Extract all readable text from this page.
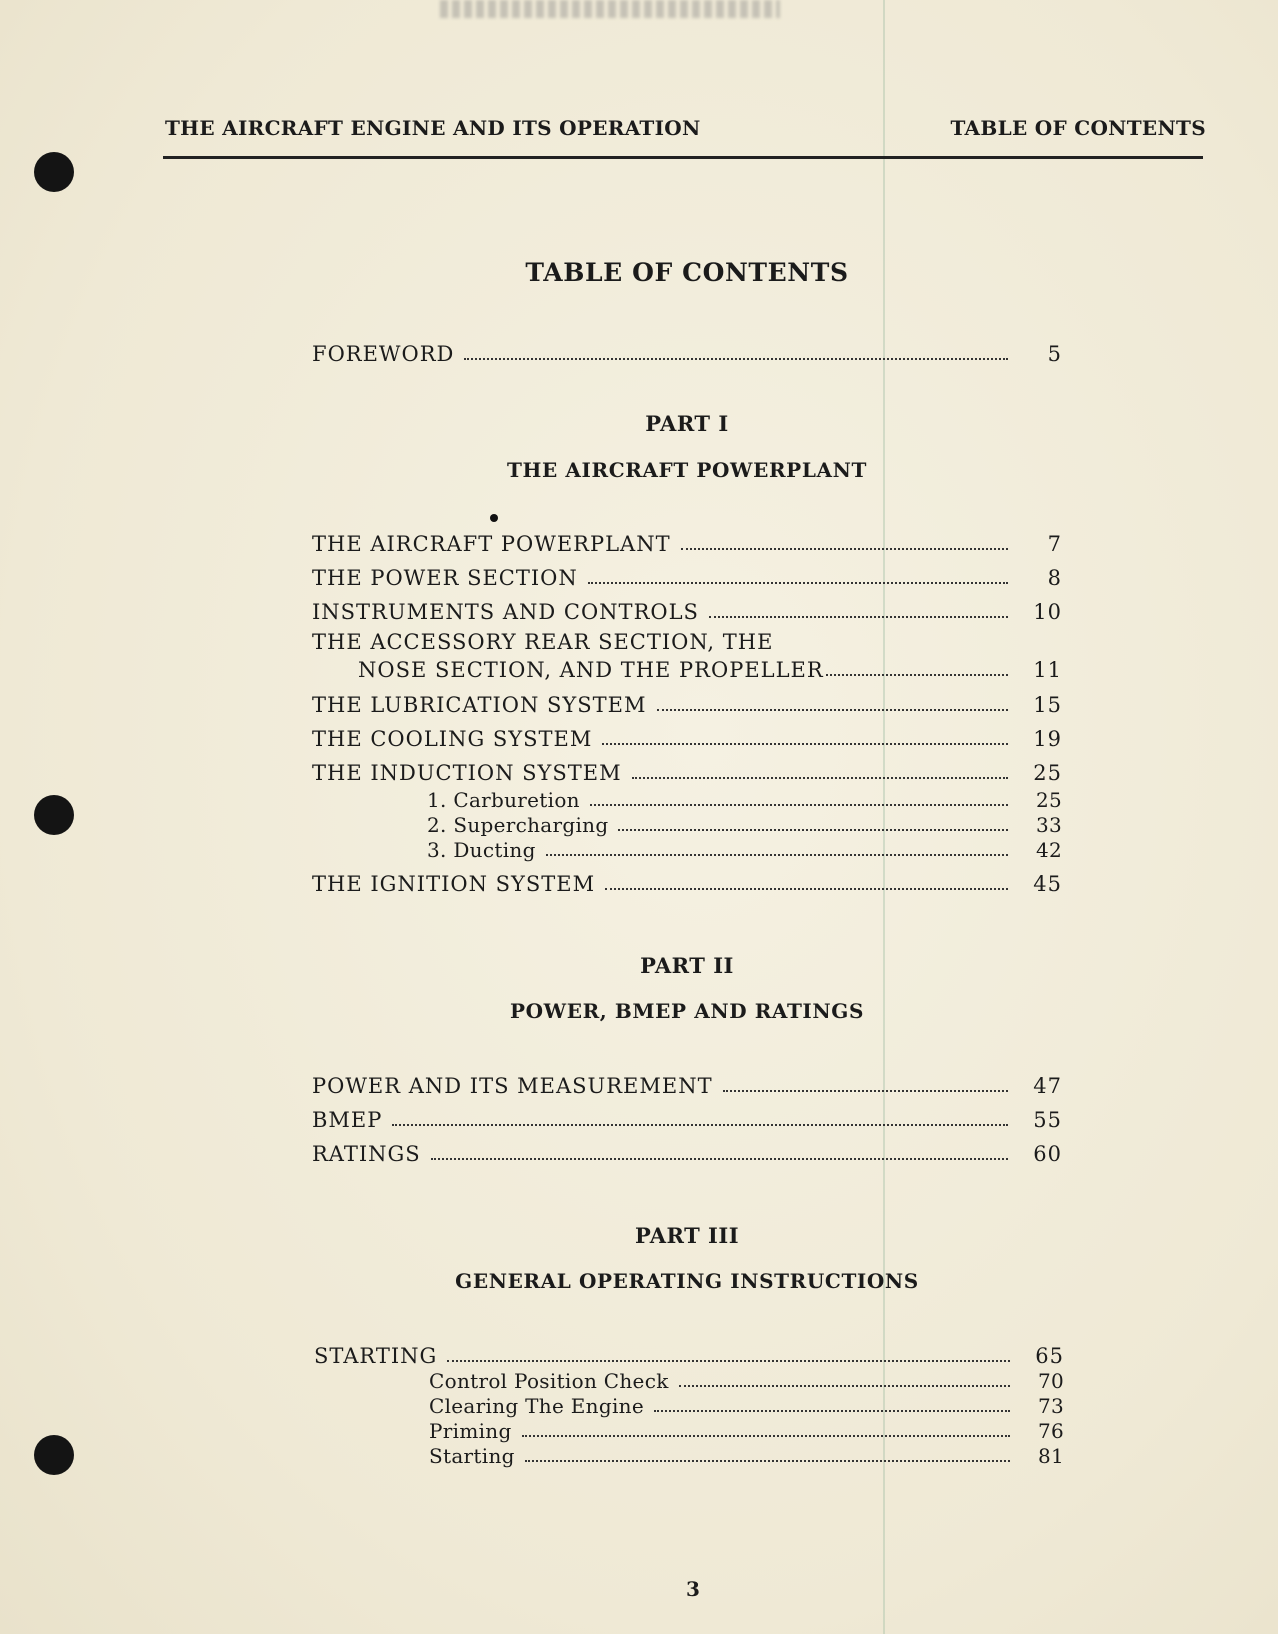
THE AIRCRAFT ENGINE AND ITS OPERATION	TABLE OF CONTENTS
TABLE OF CONTENTS
FOREWORD	5
PART I
THE AIRCRAFT POWERPLANT
THE AIRCRAFT POWERPLANT	7
THE POWER SECTION	8
INSTRUMENTS AND CONTROLS	10
THE ACCESSORY REAR SECTION, THE
NOSE SECTION, AND THE PROPELLER	11
THE LUBRICATION SYSTEM	15
THE COOLING SYSTEM	19
THE INDUCTION SYSTEM	25
1. Carburetion	25
2. Supercharging	33
3. Ducting	42
THE IGNITION SYSTEM	45
PART II
POWER, BMEP AND RATINGS
POWER AND ITS MEASUREMENT	47
BMEP	55
RATINGS	60
PART III
GENERAL OPERATING INSTRUCTIONS
STARTING	65
Control Position Check	70
Clearing The Engine	73
Priming	76
Starting	81
3
